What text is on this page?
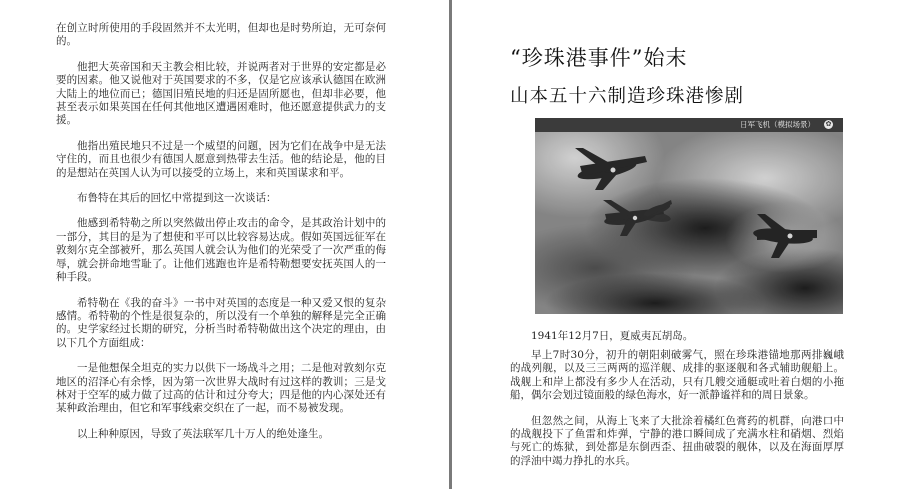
在创立时所使用的手段固然并不太光明，但却也是时势所迫，无可奈何的。

他把大英帝国和天主教会相比较，并说两者对于世界的安定都是必要的因素。他又说他对于英国要求的不多，仅是它应该承认德国在欧洲大陆上的地位而已；德国旧殖民地的归还是固所愿也，但却非必要，他甚至表示如果英国在任何其他地区遭遇困难时，他还愿意提供武力的支援。

他指出殖民地只不过是一个威望的问题，因为它们在战争中是无法守住的，而且也很少有德国人愿意到热带去生活。他的结论是，他的目的是想站在英国人认为可以接受的立场上，来和英国谋求和平。

布鲁特在其后的回忆中常提到这一次谈话：

他感到希特勒之所以突然做出停止攻击的命令，是其政治计划中的一部分，其目的是为了想使和平可以比较容易达成。假如英国远征军在敦刻尔克全部被歼，那么英国人就会认为他们的光荣受了一次严重的侮辱，就会拼命地雪耻了。让他们逃跑也许是希特勒想要安抚英国人的一种手段。

希特勒在《我的奋斗》一书中对英国的态度是一种又爱又恨的复杂感情。希特勒的个性是很复杂的，所以没有一个单独的解释是完全正确的。史学家经过长期的研究，分析当时希特勒做出这个决定的理由，由以下几个方面组成：

一是他想保全坦克的实力以供下一场战斗之用；二是他对敦刻尔克地区的沼泽心有余悸，因为第一次世界大战时有过这样的教训；三是戈林对于空军的威力做了过高的估计和过分夸大；四是他的内心深处还有某种政治理由，但它和军事线索交织在了一起，而不易被发现。

以上种种原因，导致了英法联军几十万人的绝处逢生。

“珍珠港事件”始末
山本五十六制造珍珠港惨剧
日军飞机（模拟场景） ✿
1941年12月7日，夏威夷瓦胡岛。

早上7时30分，初升的朝阳刺破雾气，照在珍珠港锚地那两排巍峨的战列舰，以及三三两两的巡洋舰、成排的驱逐舰和各式辅助舰船上。战舰上和岸上都没有多少人在活动，只有几艘交通艇或吐着白烟的小拖船，偶尔会划过镜面般的绿色海水，好一派静谧祥和的周日景象。

但忽然之间，从海上飞来了大批涂着橘红色膏药的机群，向港口中的战舰投下了鱼雷和炸弹，宁静的港口瞬间成了充满水柱和硝烟、烈焰与死亡的炼狱，到处都是东倒西歪、扭曲破裂的舰体，以及在海面厚厚的浮油中竭力挣扎的水兵。
